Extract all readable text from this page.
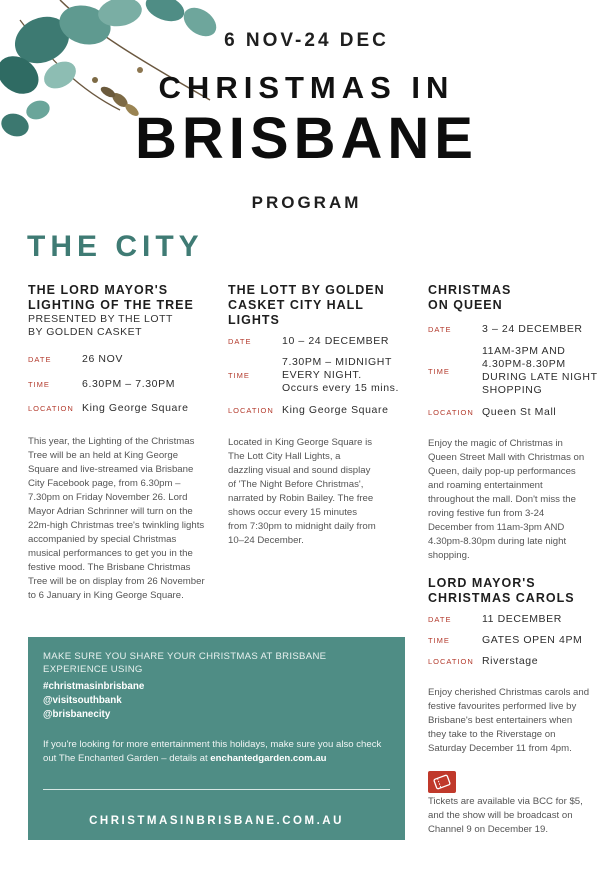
6 NOV-24 DEC
CHRISTMAS IN
BRISBANE
PROGRAM
THE CITY
THE LORD MAYOR'S
LIGHTING OF THE TREE
PRESENTED BY THE LOTT
BY GOLDEN CASKET
DATE	26 NOV
TIME	6.30PM – 7.30PM
LOCATION King George Square

This year, the Lighting of the Christmas Tree will be an held at King George Square and live-streamed via Brisbane City Facebook page, from 6.30pm – 7.30pm on Friday November 26. Lord Mayor Adrian Schrinner will turn on the 22m-high Christmas tree's twinkling lights accompanied by special Christmas musical performances to get you in the festive mood. The Brisbane Christmas Tree will be on display from 26 November to 6 January in King George Square.

THE LOTT BY GOLDEN
CASKET CITY HALL
LIGHTS
DATE	10 – 24 DECEMBER
TIME
7.30PM – MIDNIGHT
EVERY NIGHT.
Occurs every 15 mins.
LOCATION King George Square

Located in King George Square is The Lott City Hall Lights, a dazzling visual and sound display of 'The Night Before Christmas', narrated by Robin Bailey. The free shows occur every 15 minutes from 7:30pm to midnight daily from 10–24 December.

CHRISTMAS
ON QUEEN
DATE	3 – 24 DECEMBER
TIME
11AM-3PM AND
4.30PM-8.30PM
DURING LATE NIGHT
SHOPPING
LOCATION Queen St Mall

Enjoy the magic of Christmas in Queen Street Mall with Christmas on Queen, daily pop-up performances and roaming entertainment throughout the mall. Don't miss the roving festive fun from 3-24 December from 11am-3pm AND 4.30pm-8.30pm during late night shopping.

LORD MAYOR'S
CHRISTMAS CAROLS
DATE	11 DECEMBER
TIME	GATES OPEN 4PM
LOCATION Riverstage

Enjoy cherished Christmas carols and festive favourites performed live by Brisbane's best entertainers when they take to the Riverstage on Saturday December 11 from 4pm.

Tickets are available via BCC for $5, and the show will be broadcast on Channel 9 on December 19.

MAKE SURE YOU SHARE YOUR CHRISTMAS AT BRISBANE EXPERIENCE USING
#christmasinbrisbane
@visitsouthbank
@brisbanecity
If you're looking for more entertainment this holidays, make sure you also check out The Enchanted Garden – details at enchantedgarden.com.au
CHRISTMASINBRISBANE.COM.AU
